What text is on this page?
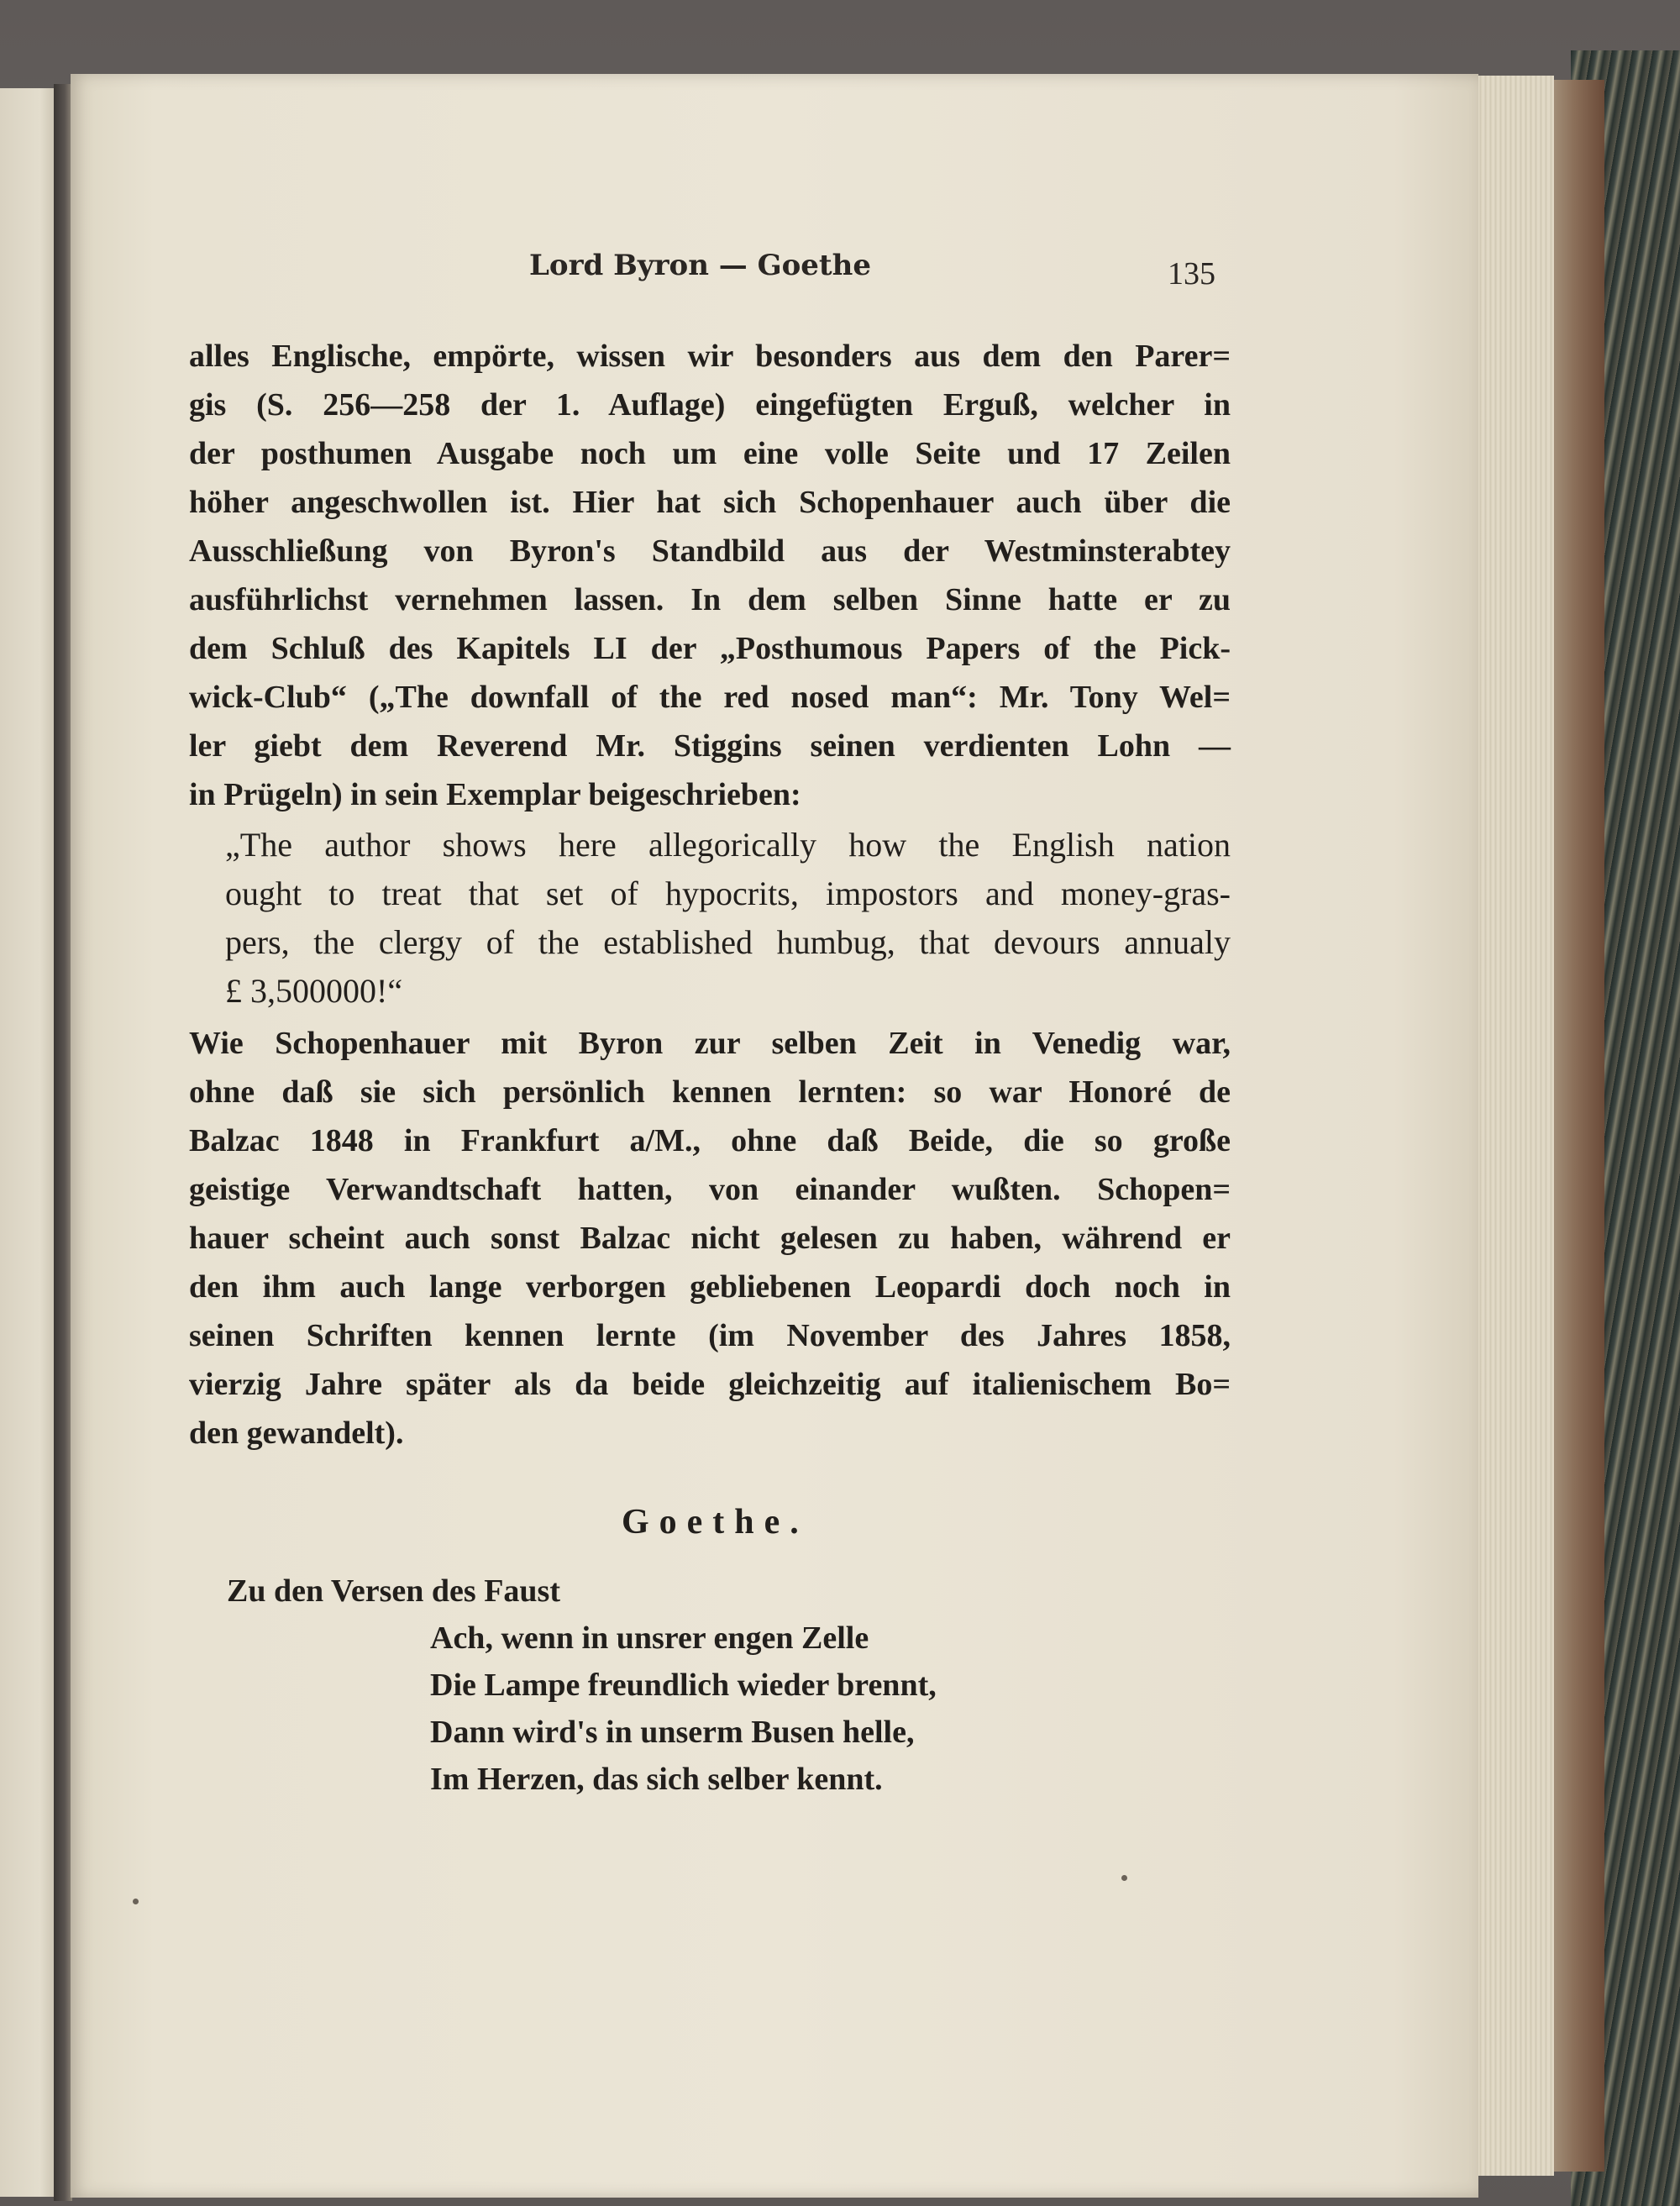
Lord Byron — Goethe	135
alles Englische, empörte, wissen wir besonders aus dem den Parer=
gis (S. 256—258 der 1. Auflage) eingefügten Erguß, welcher in
der posthumen Ausgabe noch um eine volle Seite und 17 Zeilen
höher angeschwollen ist. Hier hat sich Schopenhauer auch über die
Ausschließung von Byron's Standbild aus der Westminsterabtey
ausführlichst vernehmen lassen. In dem selben Sinne hatte er zu
dem Schluß des Kapitels LI der „Posthumous Papers of the Pick-
wick-Club“ („The downfall of the red nosed man“: Mr. Tony Wel=
ler giebt dem Reverend Mr. Stiggins seinen verdienten Lohn —
in Prügeln) in sein Exemplar beigeschrieben:
„The author shows here allegorically how the English nation
ought to treat that set of hypocrits, impostors and money-gras-
pers, the clergy of the established humbug, that devours annualy
£ 3,500000!“
Wie Schopenhauer mit Byron zur selben Zeit in Venedig war,
ohne daß sie sich persönlich kennen lernten: so war Honoré de
Balzac 1848 in Frankfurt a/M., ohne daß Beide, die so große
geistige Verwandtschaft hatten, von einander wußten. Schopen=
hauer scheint auch sonst Balzac nicht gelesen zu haben, während er
den ihm auch lange verborgen gebliebenen Leopardi doch noch in
seinen Schriften kennen lernte (im November des Jahres 1858,
vierzig Jahre später als da beide gleichzeitig auf italienischem Bo=
den gewandelt).
Goethe.
Zu den Versen des Faust
Ach, wenn in unsrer engen Zelle
Die Lampe freundlich wieder brennt,
Dann wird's in unserm Busen helle,
Im Herzen, das sich selber kennt.
